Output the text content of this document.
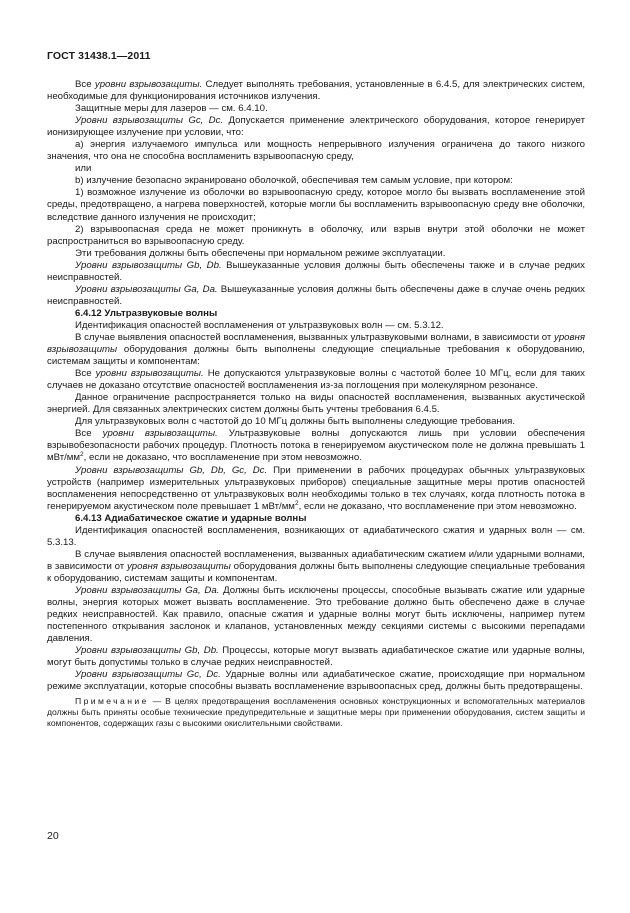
ГОСТ 31438.1—2011

Все уровни взрывозащиты. Следует выполнять требования, установленные в 6.4.5, для электрических систем, необходимые для функционирования источников излучения.

Защитные меры для лазеров — см. 6.4.10.

Уровни взрывозащиты Gc, Dc. Допускается применение электрического оборудования, которое генерирует ионизирующее излучение при условии, что:

a) энергия излучаемого импульса или мощность непрерывного излучения ограничена до такого низкого значения, что она не способна воспламенить взрывоопасную среду,

или

b) излучение безопасно экранировано оболочкой, обеспечивая тем самым условие, при котором:

1) возможное излучение из оболочки во взрывоопасную среду, которое могло бы вызвать воспламенение этой среды, предотвращено, а нагрева поверхностей, которые могли бы воспламенить взрывоопасную среду вне оболочки, вследствие данного излучения не происходит;

2) взрывоопасная среда не может проникнуть в оболочку, или взрыв внутри этой оболочки не может распространиться во взрывоопасную среду.

Эти требования должны быть обеспечены при нормальном режиме эксплуатации.

Уровни взрывозащиты Gb, Db. Вышеуказанные условия должны быть обеспечены также и в случае редких неисправностей.

Уровни взрывозащиты Ga, Da. Вышеуказанные условия должны быть обеспечены даже в случае очень редких неисправностей.

6.4.12 Ультразвуковые волны

Идентификация опасностей воспламенения от ультразвуковых волн — см. 5.3.12.

В случае выявления опасностей воспламенения, вызванных ультразвуковыми волнами, в зависимости от уровня взрывозащиты оборудования должны быть выполнены следующие специальные требования к оборудованию, системам защиты и компонентам:

Все уровни взрывозащиты. Не допускаются ультразвуковые волны с частотой более 10 МГц, если для таких случаев не доказано отсутствие опасностей воспламенения из-за поглощения при молекулярном резонансе.

Данное ограничение распространяется только на виды опасностей воспламенения, вызванных акустической энергией. Для связанных электрических систем должны быть учтены требования 6.4.5.

Для ультразвуковых волн с частотой до 10 МГц должны быть выполнены следующие требования.

Все уровни взрывозащиты. Ультразвуковые волны допускаются лишь при условии обеспечения взрывобезопасности рабочих процедур. Плотность потока в генерируемом акустическом поле не должна превышать 1 мВт/$мм^2$, если не доказано, что воспламенение при этом невозможно.

Уровни взрывозащиты Gb, Db, Gc, Dc. При применении в рабочих процедурах обычных ультразвуковых устройств (например измерительных ультразвуковых приборов) специальные защитные меры против опасностей воспламенения непосредственно от ультразвуковых волн необходимы только в тех случаях, когда плотность потока в генерируемом акустическом поле превышает 1 мВт/$мм^2$, если не доказано, что воспламенение при этом невозможно.

6.4.13 Адиабатическое сжатие и ударные волны

Идентификация опасностей воспламенения, возникающих от адиабатического сжатия и ударных волн — см. 5.3.13.

В случае выявления опасностей воспламенения, вызванных адиабатическим сжатием и/или ударными волнами, в зависимости от уровня взрывозащиты оборудования должны быть выполнены следующие специальные требования к оборудованию, системам защиты и компонентам.

Уровни взрывозащиты Ga, Da. Должны быть исключены процессы, способные вызывать сжатие или ударные волны, энергия которых может вызвать воспламенение. Это требование должно быть обеспечено даже в случае редких неисправностей. Как правило, опасные сжатия и ударные волны могут быть исключены, например путем постепенного открывания заслонок и клапанов, установленных между секциями системы с высокими перепадами давления.

Уровни взрывозащиты Gb, Db. Процессы, которые могут вызвать адиабатическое сжатие или ударные волны, могут быть допустимы только в случае редких неисправностей.

Уровни взрывозащиты Gc, Dc. Ударные волны или адиабатическое сжатие, происходящие при нормальном режиме эксплуатации, которые способны вызвать воспламенение взрывоопасных сред, должны быть предотвращены.

Примечание — В целях предотвращения воспламенения основных конструкционных и вспомогательных материалов должны быть приняты особые технические предупредительные и защитные меры при применении оборудования, систем защиты и компонентов, содержащих газы с высокими окислительными свойствами.

20
